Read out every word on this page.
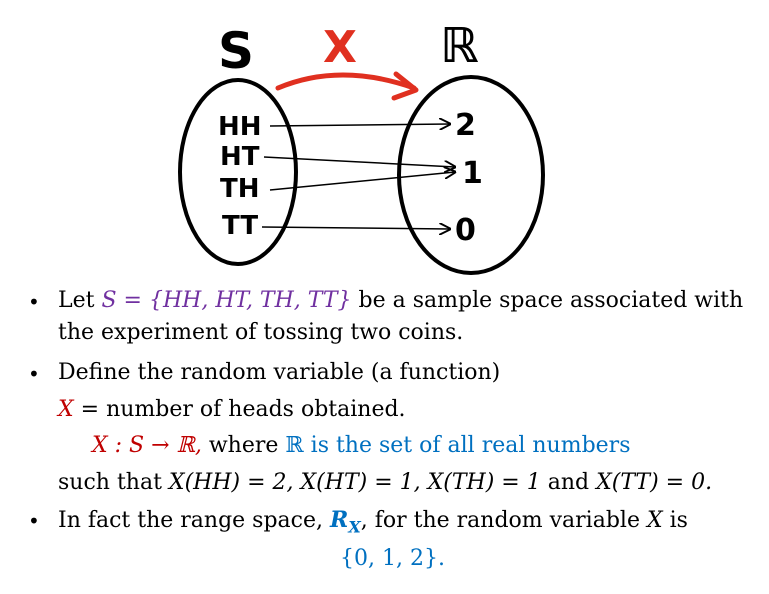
S	ℝ
X
HH
HT
TH
TT
2
1
0
• Let S = {HH, HT, TH, TT} be a sample space associated with
the experiment of tossing two coins.
• Define the random variable (a function)
X = number of heads obtained.
X : S → ℝ, where ℝ is the set of all real numbers
such that X(HH) = 2, X(HT) = 1, X(TH) = 1 and X(TT) = 0.
• In fact the range space, $R_X$, for the random variable X is
{0, 1, 2}.
